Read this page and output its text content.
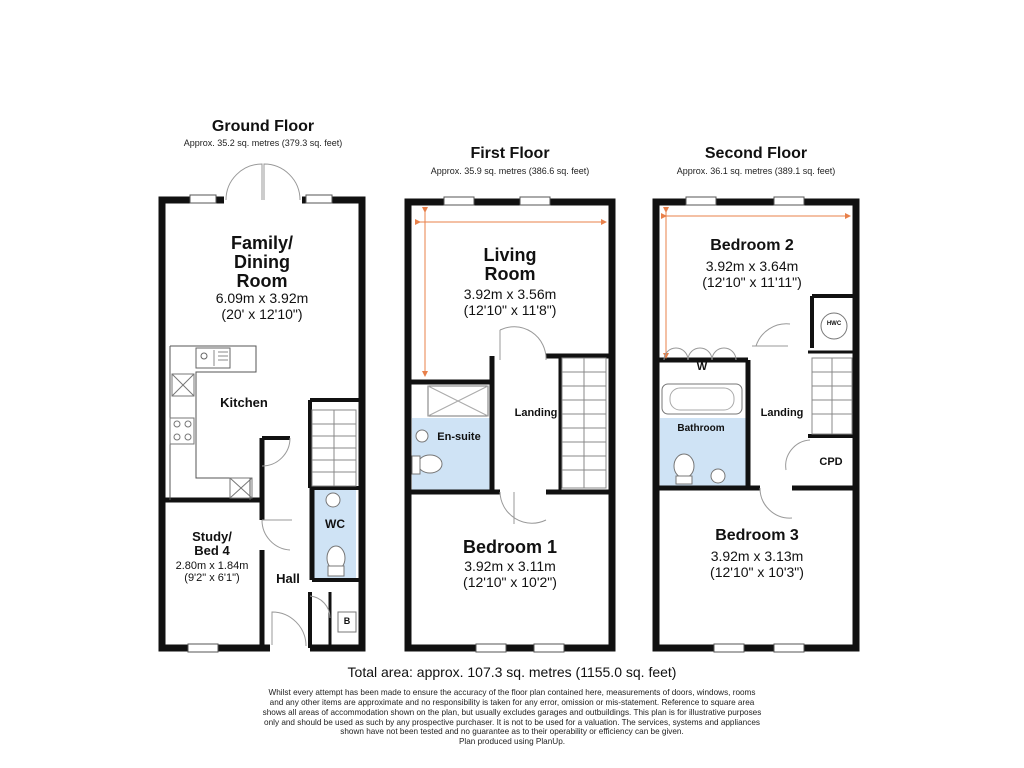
Ground Floor
Approx. 35.2 sq. metres (379.3 sq. feet)
First Floor
Approx. 35.9 sq. metres (386.6 sq. feet)
Second Floor
Approx. 36.1 sq. metres (389.1 sq. feet)
Family/
Dining
Room
6.09m x 3.92m
(20' x 12'10")
Kitchen
Study/
Bed 4
2.80m x 1.84m
(9'2" x 6'1")
WC
Hall
B
Living
Room
3.92m x 3.56m
(12'10" x 11'8")
En-suite
Landing
Bedroom 1
3.92m x 3.11m
(12'10" x 10'2")
Bedroom 2
3.92m x 3.64m
(12'10" x 11'11")
HWC
W
Bathroom
Landing
CPD
Bedroom 3
3.92m x 3.13m
(12'10" x 10'3")
Total area: approx. 107.3 sq. metres (1155.0 sq. feet)
Whilst every attempt has been made to ensure the accuracy of the floor plan contained here, measurements of doors, windows, rooms and any other items are approximate and no responsibility is taken for any error, omission or mis-statement. Reference to square area shows all areas of accommodation shown on the plan, but usually excludes garages and outbuildings. This plan is for illustrative purposes only and should be used as such by any prospective purchaser. It is not to be used for a valuation. The services, systems and appliances shown have not been tested and no guarantee as to their operability or efficiency can be given.
Plan produced using PlanUp.
